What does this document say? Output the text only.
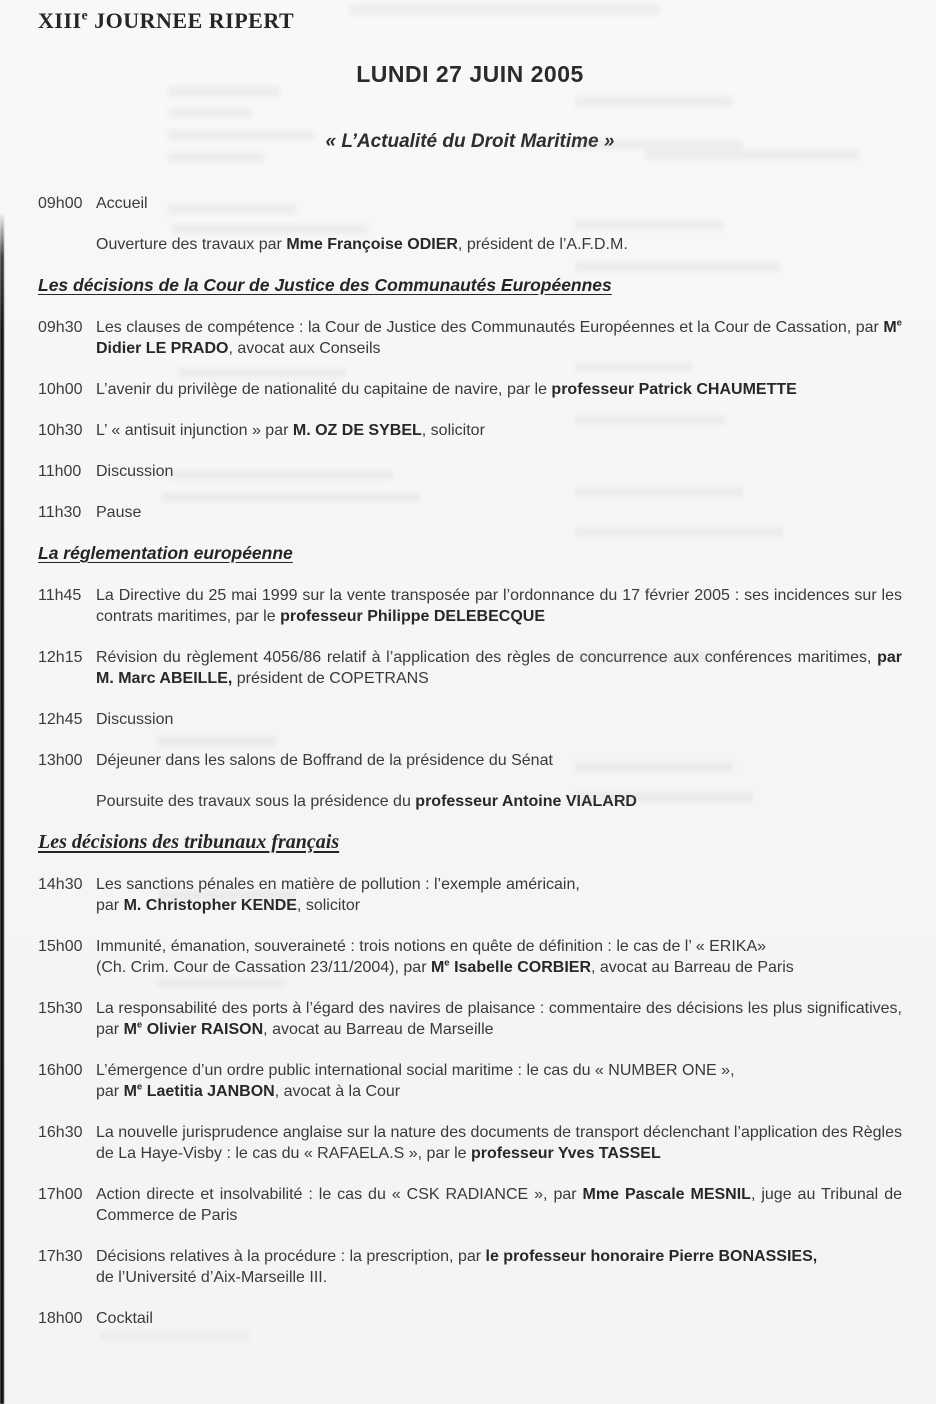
XIIIe JOURNEE RIPERT
LUNDI 27 JUIN 2005
« L’Actualité du Droit Maritime »
09h00 Accueil
Ouverture des travaux par Mme Françoise ODIER, président de l’A.F.D.M.
Les décisions de la Cour de Justice des Communautés Européennes
09h30 Les clauses de compétence : la Cour de Justice des Communautés Européennes et la Cour de Cassation, par Me Didier LE PRADO, avocat aux Conseils
10h00 L’avenir du privilège de nationalité du capitaine de navire, par le professeur Patrick CHAUMETTE
10h30 L’ « antisuit injunction » par M. OZ DE SYBEL, solicitor
11h00 Discussion
11h30 Pause
La réglementation européenne
11h45 La Directive du 25 mai 1999 sur la vente transposée par l’ordonnance du 17 février 2005 : ses incidences sur les contrats maritimes, par le professeur Philippe DELEBECQUE
12h15 Révision du règlement 4056/86 relatif à l’application des règles de concurrence aux conférences maritimes, par M. Marc ABEILLE, président de COPETRANS
12h45 Discussion
13h00 Déjeuner dans les salons de Boffrand de la présidence du Sénat
Poursuite des travaux sous la présidence du professeur Antoine VIALARD
Les décisions des tribunaux français
14h30 Les sanctions pénales en matière de pollution : l’exemple américain,
par M. Christopher KENDE, solicitor
15h00 Immunité, émanation, souveraineté : trois notions en quête de définition : le cas de l’ « ERIKA»
(Ch. Crim. Cour de Cassation 23/11/2004), par Me Isabelle CORBIER, avocat au Barreau de Paris
15h30 La responsabilité des ports à l’égard des navires de plaisance : commentaire des décisions les plus significatives, par Me Olivier RAISON, avocat au Barreau de Marseille
16h00 L’émergence d’un ordre public international social maritime : le cas du « NUMBER ONE »,
par Me Laetitia JANBON, avocat à la Cour
16h30 La nouvelle jurisprudence anglaise sur la nature des documents de transport déclenchant l’application des Règles de La Haye-Visby : le cas du « RAFAELA.S », par le professeur Yves TASSEL
17h00 Action directe et insolvabilité : le cas du « CSK RADIANCE », par Mme Pascale MESNIL, juge au Tribunal de Commerce de Paris
17h30 Décisions relatives à la procédure : la prescription, par le professeur honoraire Pierre BONASSIES,
de l’Université d’Aix-Marseille III.
18h00 Cocktail
